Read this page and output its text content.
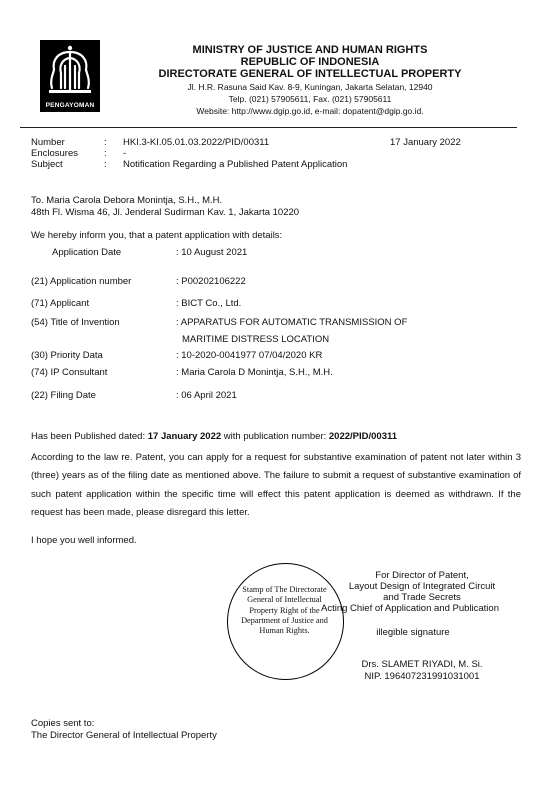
PENGAYOMAN
MINISTRY OF JUSTICE AND HUMAN RIGHTS
REPUBLIC OF INDONESIA
DIRECTORATE GENERAL OF INTELLECTUAL PROPERTY
Jl. H.R. Rasuna Said Kav. 8-9, Kuningan, Jakarta Selatan, 12940
Telp. (021) 57905611, Fax. (021) 57905611
Website: http://www.dgip.go.id, e-mail: dopatent@dgip.go.id.
Number	: HKI.3-KI.05.01.03.2022/PID/00311	17 January 2022
Enclosures	: -
Subject	: Notification Regarding a Published Patent Application
To. Maria Carola Debora Monintja, S.H., M.H.
48th Fl. Wisma 46, Jl. Jenderal Sudirman Kav. 1, Jakarta 10220
We hereby inform you, that a patent application with details:
Application Date	: 10 August 2021
(21) Application number	: P00202106222
(71) Applicant	: BICT Co., Ltd.
(54) Title of Invention	: APPARATUS FOR AUTOMATIC TRANSMISSION OF
MARITIME DISTRESS LOCATION
(30) Priority Data	: 10-2020-0041977 07/04/2020 KR
(74) IP Consultant	: Maria Carola D Monintja, S.H., M.H.
(22) Filing Date	: 06 April 2021
Has been Published dated: 17 January 2022 with publication number: 2022/PID/00311
According to the law re. Patent, you can apply for a request for substantive examination of patent not later within 3 (three) years as of the filing date as mentioned above. The failure to submit a request of substantive examination of such patent application within the specific time will effect this patent application is deemed as withdrawn. If the request has been made, please disregard this letter.
I hope you well informed.
Stamp of The Directorate General of Intellectual Property Right of the Department of Justice and Human Rights.
For Director of Patent,
Layout Design of Integrated Circuit
and Trade Secrets
Acting Chief of Application and Publication
illegible signature
Drs. SLAMET RIYADI, M. Si.
NIP. 196407231991031001
Copies sent to:
The Director General of Intellectual Property
